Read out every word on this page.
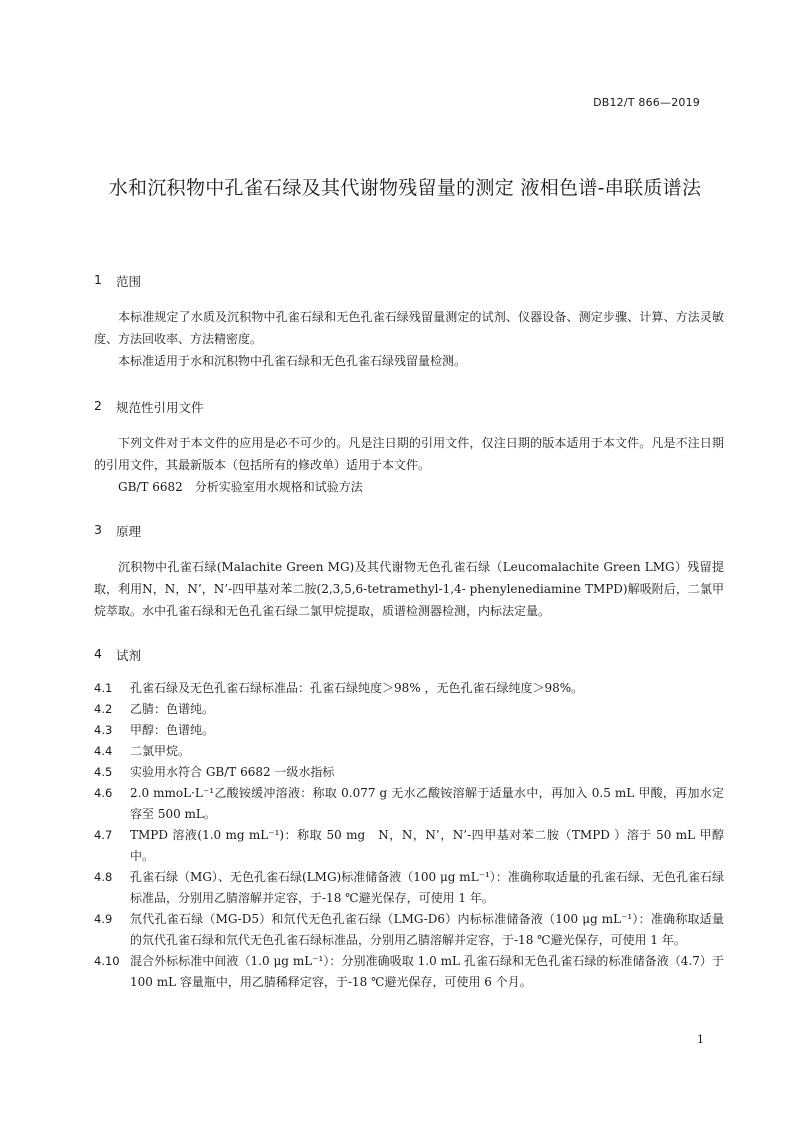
DB12/T 866—2019
水和沉积物中孔雀石绿及其代谢物残留量的测定 液相色谱-串联质谱法
1 范围

本标准规定了水质及沉积物中孔雀石绿和无色孔雀石绿残留量测定的试剂、仪器设备、测定步骤、计算、方法灵敏度、方法回收率、方法精密度。

本标准适用于水和沉积物中孔雀石绿和无色孔雀石绿残留量检测。

2 规范性引用文件

下列文件对于本文件的应用是必不可少的。凡是注日期的引用文件，仅注日期的版本适用于本文件。凡是不注日期的引用文件，其最新版本（包括所有的修改单）适用于本文件。

GB/T 6682　分析实验室用水规格和试验方法

3 原理

沉积物中孔雀石绿(Malachite Green MG)及其代谢物无色孔雀石绿（Leucomalachite Green LMG）残留提取，利用N，N，N’，N’-四甲基对苯二胺(2,3,5,6-tetramethyl-1,4- phenylenediamine TMPD)解吸附后，二氯甲烷萃取。水中孔雀石绿和无色孔雀石绿二氯甲烷提取，质谱检测器检测，内标法定量。

4 试剂
4.1	孔雀石绿及无色孔雀石绿标准品：孔雀石绿纯度＞98% ，无色孔雀石绿纯度＞98%。
4.2	乙腈：色谱纯。
4.3	甲醇：色谱纯。
4.4	二氯甲烷。
4.5	实验用水符合 GB/T 6682 一级水指标
4.6	2.0 mmoL·L⁻¹乙酸铵缓冲溶液：称取 0.077 g 无水乙酸铵溶解于适量水中，再加入 0.5 mL 甲酸，再加水定容至 500 mL。
4.7	TMPD 溶液(1.0 mg mL⁻¹)：称取 50 mg　N，N，N’，N’-四甲基对苯二胺（TMPD ）溶于 50 mL 甲醇中。
4.8	孔雀石绿（MG）、无色孔雀石绿(LMG)标准储备液（100 μg mL⁻¹）：准确称取适量的孔雀石绿、无色孔雀石绿标准品，分别用乙腈溶解并定容，于-18 ℃避光保存，可使用 1 年。
4.9	氘代孔雀石绿（MG-D5）和氘代无色孔雀石绿（LMG-D6）内标标准储备液（100 μg mL⁻¹）：准确称取适量的氘代孔雀石绿和氘代无色孔雀石绿标准品，分别用乙腈溶解并定容，于-18 ℃避光保存，可使用 1 年。
4.10 混合外标标准中间液（1.0 μg mL⁻¹）：分别准确吸取 1.0 mL 孔雀石绿和无色孔雀石绿的标准储备液（4.7）于 100 mL 容量瓶中，用乙腈稀释定容，于-18 ℃避光保存，可使用 6 个月。
1
